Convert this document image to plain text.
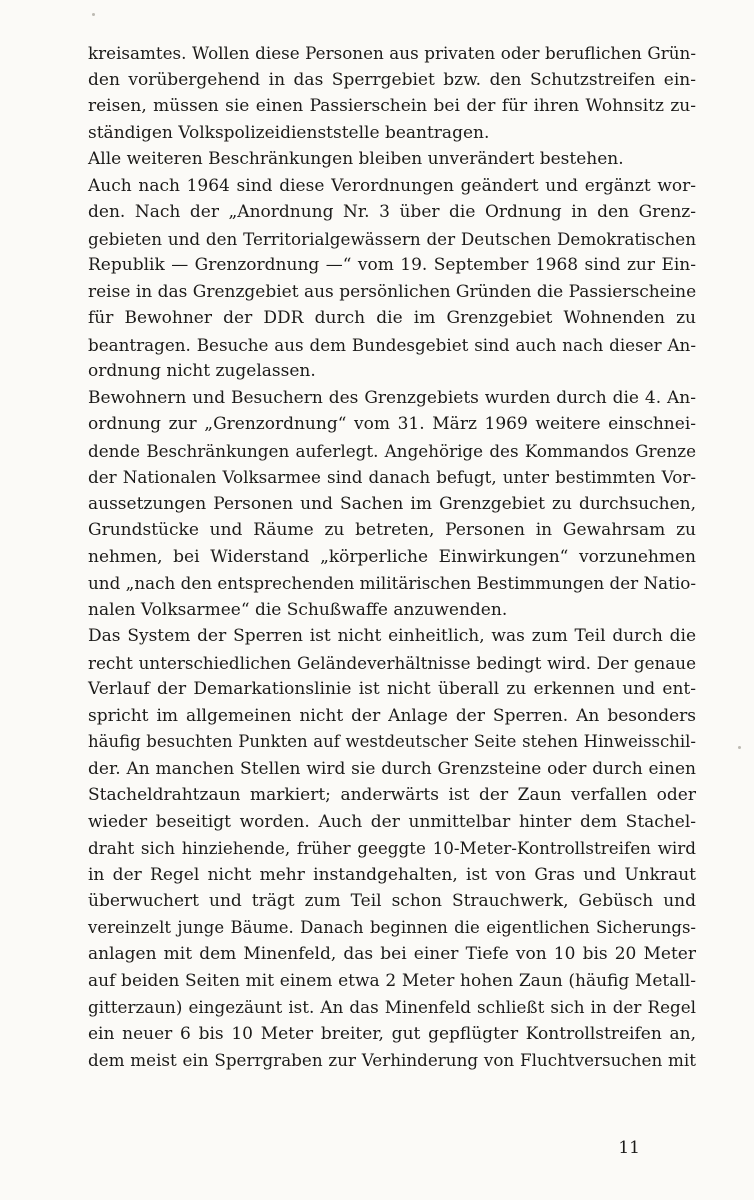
kreisamtes. Wollen diese Personen aus privaten oder beruflichen Grün-
den vorübergehend in das Sperrgebiet bzw. den Schutzstreifen ein-
reisen, müssen sie einen Passierschein bei der für ihren Wohnsitz zu-
ständigen Volkspolizeidienststelle beantragen.
Alle weiteren Beschränkungen bleiben unverändert bestehen.
Auch nach 1964 sind diese Verordnungen geändert und ergänzt wor-
den. Nach der „Anordnung Nr. 3 über die Ordnung in den Grenz-
gebieten und den Territorialgewässern der Deutschen Demokratischen
Republik — Grenzordnung —“ vom 19. September 1968 sind zur Ein-
reise in das Grenzgebiet aus persönlichen Gründen die Passierscheine
für Bewohner der DDR durch die im Grenzgebiet Wohnenden zu
beantragen. Besuche aus dem Bundesgebiet sind auch nach dieser An-
ordnung nicht zugelassen.
Bewohnern und Besuchern des Grenzgebiets wurden durch die 4. An-
ordnung zur „Grenzordnung“ vom 31. März 1969 weitere einschnei-
dende Beschränkungen auferlegt. Angehörige des Kommandos Grenze
der Nationalen Volksarmee sind danach befugt, unter bestimmten Vor-
aussetzungen Personen und Sachen im Grenzgebiet zu durchsuchen,
Grundstücke und Räume zu betreten, Personen in Gewahrsam zu
nehmen, bei Widerstand „körperliche Einwirkungen“ vorzunehmen
und „nach den entsprechenden militärischen Bestimmungen der Natio-
nalen Volksarmee“ die Schußwaffe anzuwenden.
Das System der Sperren ist nicht einheitlich, was zum Teil durch die
recht unterschiedlichen Geländeverhältnisse bedingt wird. Der genaue
Verlauf der Demarkationslinie ist nicht überall zu erkennen und ent-
spricht im allgemeinen nicht der Anlage der Sperren. An besonders
häufig besuchten Punkten auf westdeutscher Seite stehen Hinweisschil-
der. An manchen Stellen wird sie durch Grenzsteine oder durch einen
Stacheldrahtzaun markiert; anderwärts ist der Zaun verfallen oder
wieder beseitigt worden. Auch der unmittelbar hinter dem Stachel-
draht sich hinziehende, früher geeggte 10-Meter-Kontrollstreifen wird
in der Regel nicht mehr instandgehalten, ist von Gras und Unkraut
überwuchert und trägt zum Teil schon Strauchwerk, Gebüsch und
vereinzelt junge Bäume. Danach beginnen die eigentlichen Sicherungs-
anlagen mit dem Minenfeld, das bei einer Tiefe von 10 bis 20 Meter
auf beiden Seiten mit einem etwa 2 Meter hohen Zaun (häufig Metall-
gitterzaun) eingezäunt ist. An das Minenfeld schließt sich in der Regel
ein neuer 6 bis 10 Meter breiter, gut gepflügter Kontrollstreifen an,
dem meist ein Sperrgraben zur Verhinderung von Fluchtversuchen mit
11
